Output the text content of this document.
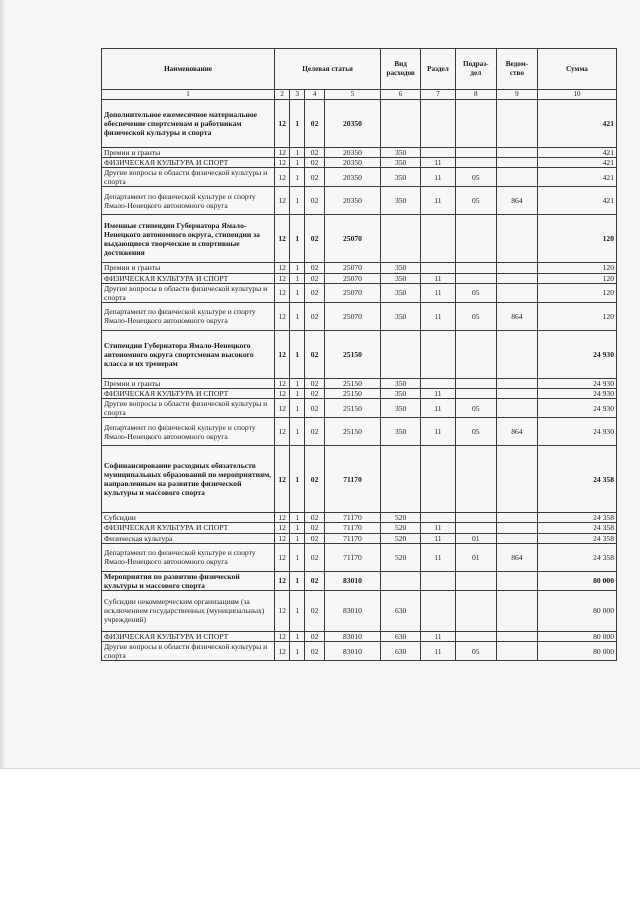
Наименование	Целевая статья				Вид расходов	Раздел	Подраз-дел	Ведом-ство	Сумма
1	2	3	4	5	6	7	8	9	10
Дополнительное ежемесячное материальное обеспечение спортсменам и работникам физической культуры и спорта	12	1	02	20350					421
Премии и гранты	12	1	02	20350	350				421
ФИЗИЧЕСКАЯ КУЛЬТУРА И СПОРТ	12	1	02	20350	350	11			421
Другие вопросы в области физической культуры и спорта	12	1	02	20350	350	11	05		421
Департамент по физической культуре и спорту Ямало-Ненецкого автономного округа	12	1	02	20350	350	11	05	864	421
Именные стипендии Губернатора Ямало-Ненецкого автономного округа, стипендии за выдающиеся творческие и спортивные достижения	12	1	02	25070					120
Премии и гранты	12	1	02	25070	350				120
ФИЗИЧЕСКАЯ КУЛЬТУРА И СПОРТ	12	1	02	25070	350	11			120
Другие вопросы в области физической культуры и спорта	12	1	02	25070	350	11	05		120
Департамент по физической культуре и спорту Ямало-Ненецкого автономного округа	12	1	02	25070	350	11	05	864	120
Стипендии Губернатора Ямало-Ненецкого автономного округа спортсменам высокого класса и их тренерам	12	1	02	25150					24 930
Премии и гранты	12	1	02	25150	350				24 930
ФИЗИЧЕСКАЯ КУЛЬТУРА И СПОРТ	12	1	02	25150	350	11			24 930
Другие вопросы в области физической культуры и спорта	12	1	02	25150	350	11	05		24 930
Департамент по физической культуре и спорту Ямало-Ненецкого автономного округа	12	1	02	25150	350	11	05	864	24 930
Софинансирование расходных обязательств муниципальных образований по мероприятиям, направленным на развитие физической культуры и массового спорта	12	1	02	71170					24 358
Субсидии	12	1	02	71170	520				24 358
ФИЗИЧЕСКАЯ КУЛЬТУРА И СПОРТ	12	1	02	71170	520	11			24 358
Физическая культура	12	1	02	71170	520	11	01		24 358
Департамент по физической культуре и спорту Ямало-Ненецкого автономного округа	12	1	02	71170	520	11	01	864	24 358
Мероприятия по развитию физической культуры и массового спорта	12	1	02	83010					80 000
Субсидии некоммерческим организациям (за исключением государственных (муниципальных) учреждений)	12	1	02	83010	630				80 000
ФИЗИЧЕСКАЯ КУЛЬТУРА И СПОРТ	12	1	02	83010	630	11			80 000
Другие вопросы в области физической культуры и спорта	12	1	02	83010	630	11	05		80 000
